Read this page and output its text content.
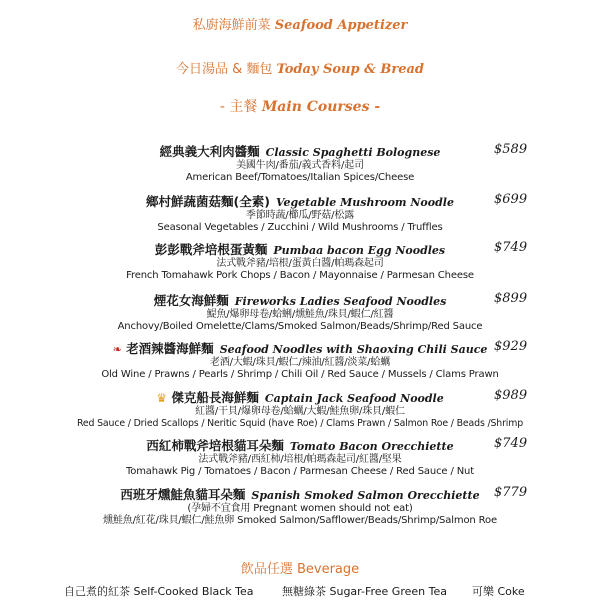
私廚海鮮前菜 Seafood Appetizer
今日湯品 & 麵包 Today Soup & Bread
- 主餐 Main Courses -
經典義大利肉醬麵 Classic Spaghetti Bolognese	$589
美國牛肉/番茄/義式香料/起司
American Beef/Tomatoes/Italian Spices/Cheese
鄉村鮮蔬菌菇麵(全素) Vegetable Mushroom Noodle	$699
季節時蔬/櫛瓜/野菇/松露
Seasonal Vegetables / Zucchini / Wild Mushrooms / Truffles
彭彭戰斧培根蛋黃麵 Pumbaa bacon Egg Noodles	$749
法式戰斧豬/培根/蛋黃白醬/帕瑪森起司
French Tomahawk Pork Chops / Bacon / Mayonnaise / Parmesan Cheese
煙花女海鮮麵 Fireworks Ladies Seafood Noodles	$899
鯷魚/爆卵母卷/蛤蜊/燻鮭魚/珠貝/蝦仁/紅醬
Anchovy/Boiled Omelette/Clams/Smoked Salmon/Beads/Shrimp/Red Sauce
❧ 老酒辣醬海鮮麵 Seafood Noodles with Shaoxing Chili Sauce $929
老酒/大蝦/珠貝/蝦仁/辣油/紅醬/淡菜/蛤蠣
Old Wine / Prawns / Pearls / Shrimp / Chili Oil / Red Sauce / Mussels / Clams Prawn
♛ 傑克船長海鮮麵 Captain Jack Seafood Noodle	$989
紅醬/干貝/爆卵母卷/蛤蠣/大蝦/鮭魚卵/珠貝/蝦仁
Red Sauce / Dried Scallops / Neritic Squid (have Roe) / Clams Prawn / Salmon Roe / Beads /Shrimp
西紅柿戰斧培根貓耳朵麵 Tomato Bacon Orecchiette	$749
法式戰斧豬/西紅柿/培根/帕瑪森起司/紅醬/堅果
Tomahawk Pig / Tomatoes / Bacon / Parmesan Cheese / Red Sauce / Nut
西班牙燻鮭魚貓耳朵麵 Spanish Smoked Salmon Orecchiette	$779
(孕婦不宜食用 Pregnant women should not eat)
燻鮭魚/紅花/珠貝/蝦仁/鮭魚卵 Smoked Salmon/Safflower/Beads/Shrimp/Salmon Roe
飲品任選 Beverage
自己煮的紅茶 Self-Cooked Black Tea	無糖綠茶 Sugar-Free Green Tea 可樂 Coke
